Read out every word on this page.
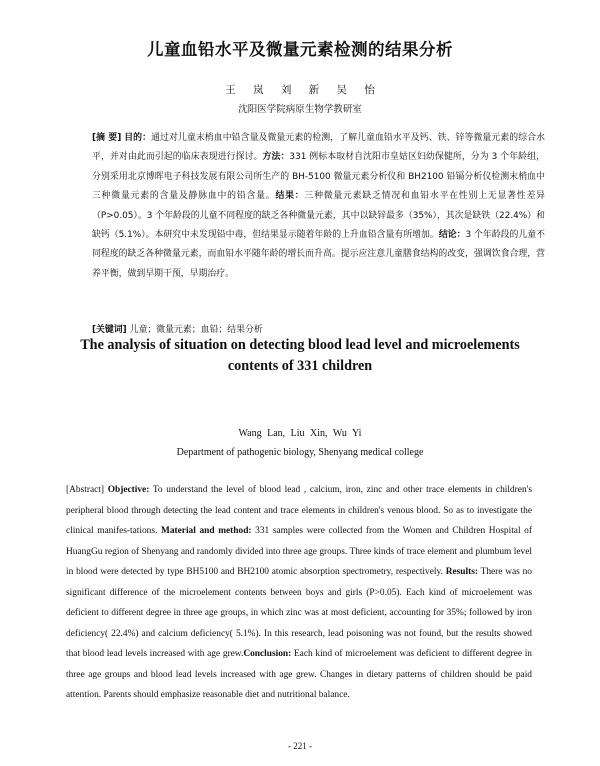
儿童血铅水平及微量元素检测的结果分析
王 岚 刘 新 吴 怡
沈阳医学院病原生物学教研室

[摘 要] 目的：通过对儿童末梢血中铅含量及微量元素的检测，了解儿童血铅水平及钙、铁、锌等微量元素的综合水平，并对由此而引起的临床表现进行探讨。方法：331 例标本取材自沈阳市皇姑区妇幼保健所，分为 3 个年龄组，分别采用北京博晖电子科技发展有限公司所生产的 BH-5100 微量元素分析仪和 BH2100 铅镉分析仪检测末梢血中三种微量元素的含量及静脉血中的铅含量。结果：三种微量元素缺乏情况和血铅水平在性别上无显著性差异（P>0.05）。3 个年龄段的儿童不同程度的缺乏各种微量元素，其中以缺锌最多（35%），其次是缺铁（22.4%）和缺钙（5.1%）。本研究中未发现铅中毒，但结果显示随着年龄的上升血铅含量有所增加。结论：3 个年龄段的儿童不同程度的缺乏各种微量元素，而血铅水平随年龄的增长而升高。提示应注意儿童膳食结构的改变，强调饮食合理，营养平衡，做到早期干预，早期治疗。

[关键词] 儿童；微量元素；血铅；结果分析
The analysis of situation on detecting blood lead level and microelements
contents of 331 children
Wang Lan, Liu Xin, Wu Yi
Department of pathogenic biology, Shenyang medical college

[Abstract] Objective: To understand the level of blood lead , calcium, iron, zinc and other trace elements in children's peripheral blood through detecting the lead content and trace elements in children's venous blood. So as to investigate the clinical manifes-tations. Material and method: 331 samples were collected from the Women and Children Hospital of HuangGu region of Shenyang and randomly divided into three age groups. Three kinds of trace element and plumbum level in blood were detected by type BH5100 and BH2100 atomic absorption spectrometry, respectively. Results: There was no significant difference of the microelement contents between boys and girls (P>0.05). Each kind of microelement was deficient to different degree in three age groups, in which zinc was at most deficient, accounting for 35%; followed by iron deficiency( 22.4%) and calcium deficiency( 5.1%). In this research, lead poisoning was not found, but the results showed that blood lead levels increased with age grew.Conclusion: Each kind of microelement was deficient to different degree in three age groups and blood lead levels increased with age grew. Changes in dietary patterns of children should be paid attention. Parents should emphasize reasonable diet and nutritional balance.

- 221 -
